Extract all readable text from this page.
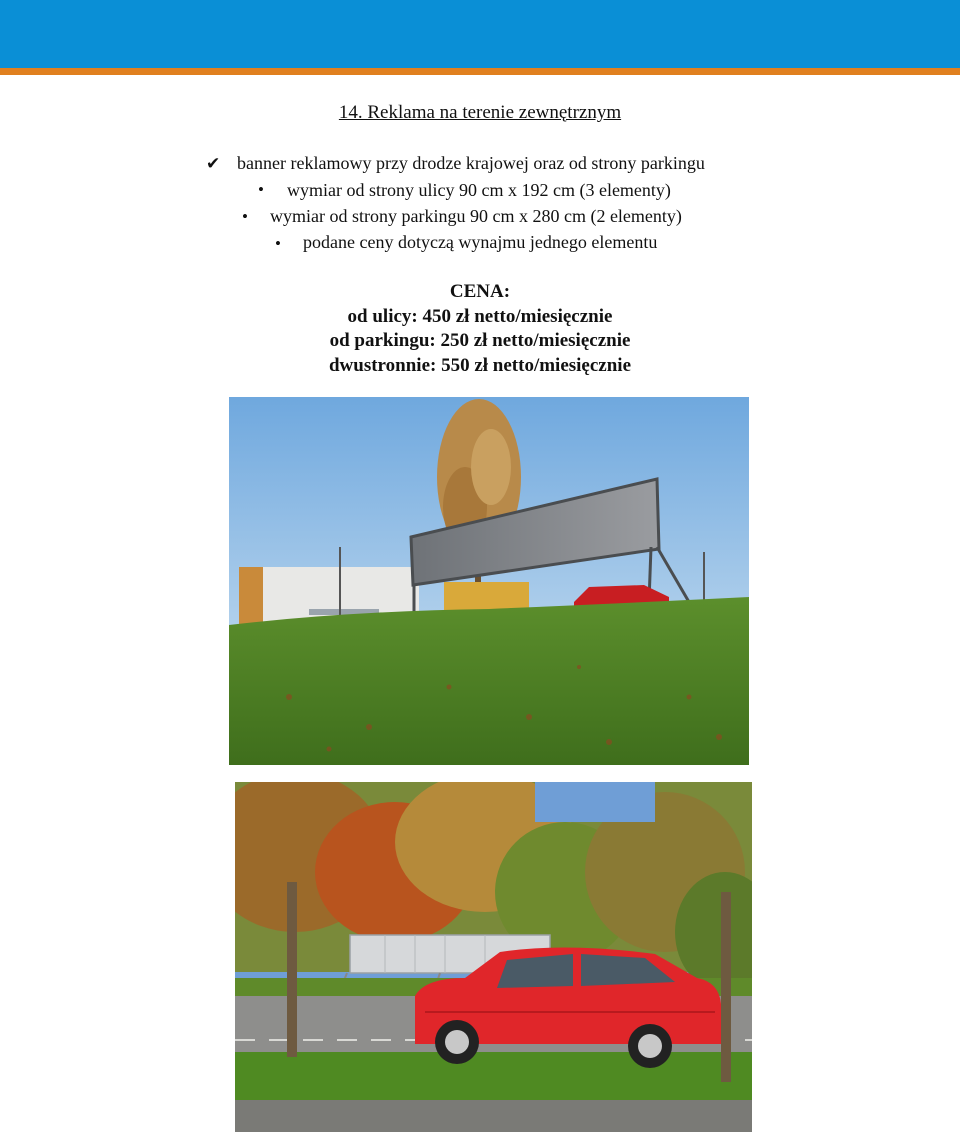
14. Reklama na terenie zewnętrznym
✔ banner reklamowy przy drodze krajowej oraz od strony parkingu
• wymiar od strony ulicy 90 cm x 192 cm (3 elementy)
• wymiar od strony parkingu 90 cm x 280 cm (2 elementy)
• podane ceny dotyczą wynajmu jednego elementu
CENA:
od ulicy: 450 zł netto/miesięcznie
od parkingu: 250 zł netto/miesięcznie
dwustronnie: 550 zł netto/miesięcznie
